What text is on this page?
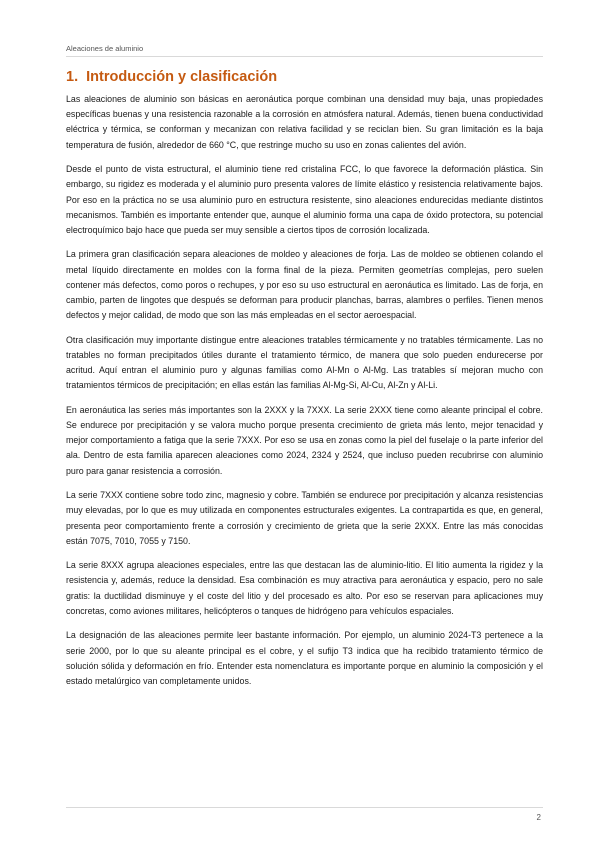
Aleaciones de aluminio
1. Introducción y clasificación

Las aleaciones de aluminio son básicas en aeronáutica porque combinan una densidad muy baja, unas propiedades específicas buenas y una resistencia razonable a la corrosión en atmósfera natural. Además, tienen buena conductividad eléctrica y térmica, se conforman y mecanizan con relativa facilidad y se reciclan bien. Su gran limitación es la baja temperatura de fusión, alrededor de 660 °C, que restringe mucho su uso en zonas calientes del avión.

Desde el punto de vista estructural, el aluminio tiene red cristalina FCC, lo que favorece la deformación plástica. Sin embargo, su rigidez es moderada y el aluminio puro presenta valores de límite elástico y resistencia relativamente bajos. Por eso en la práctica no se usa aluminio puro en estructura resistente, sino aleaciones endurecidas mediante distintos mecanismos. También es importante entender que, aunque el aluminio forma una capa de óxido protectora, su potencial electroquímico bajo hace que pueda ser muy sensible a ciertos tipos de corrosión localizada.

La primera gran clasificación separa aleaciones de moldeo y aleaciones de forja. Las de moldeo se obtienen colando el metal líquido directamente en moldes con la forma final de la pieza. Permiten geometrías complejas, pero suelen contener más defectos, como poros o rechupes, y por eso su uso estructural en aeronáutica es limitado. Las de forja, en cambio, parten de lingotes que después se deforman para producir planchas, barras, alambres o perfiles. Tienen menos defectos y mejor calidad, de modo que son las más empleadas en el sector aeroespacial.

Otra clasificación muy importante distingue entre aleaciones tratables térmicamente y no tratables térmicamente. Las no tratables no forman precipitados útiles durante el tratamiento térmico, de manera que solo pueden endurecerse por acritud. Aquí entran el aluminio puro y algunas familias como Al-Mn o Al-Mg. Las tratables sí mejoran mucho con tratamientos térmicos de precipitación; en ellas están las familias Al-Mg-Si, Al-Cu, Al-Zn y Al-Li.

En aeronáutica las series más importantes son la 2XXX y la 7XXX. La serie 2XXX tiene como aleante principal el cobre. Se endurece por precipitación y se valora mucho porque presenta crecimiento de grieta más lento, mejor tenacidad y mejor comportamiento a fatiga que la serie 7XXX. Por eso se usa en zonas como la piel del fuselaje o la parte inferior del ala. Dentro de esta familia aparecen aleaciones como 2024, 2324 y 2524, que incluso pueden recubrirse con aluminio puro para ganar resistencia a corrosión.

La serie 7XXX contiene sobre todo zinc, magnesio y cobre. También se endurece por precipitación y alcanza resistencias muy elevadas, por lo que es muy utilizada en componentes estructurales exigentes. La contrapartida es que, en general, presenta peor comportamiento frente a corrosión y crecimiento de grieta que la serie 2XXX. Entre las más conocidas están 7075, 7010, 7055 y 7150.

La serie 8XXX agrupa aleaciones especiales, entre las que destacan las de aluminio-litio. El litio aumenta la rigidez y la resistencia y, además, reduce la densidad. Esa combinación es muy atractiva para aeronáutica y espacio, pero no sale gratis: la ductilidad disminuye y el coste del litio y del procesado es alto. Por eso se reservan para aplicaciones muy concretas, como aviones militares, helicópteros o tanques de hidrógeno para vehículos espaciales.

La designación de las aleaciones permite leer bastante información. Por ejemplo, un aluminio 2024-T3 pertenece a la serie 2000, por lo que su aleante principal es el cobre, y el sufijo T3 indica que ha recibido tratamiento térmico de solución sólida y deformación en frío. Entender esta nomenclatura es importante porque en aluminio la composición y el estado metalúrgico van completamente unidos.

2
